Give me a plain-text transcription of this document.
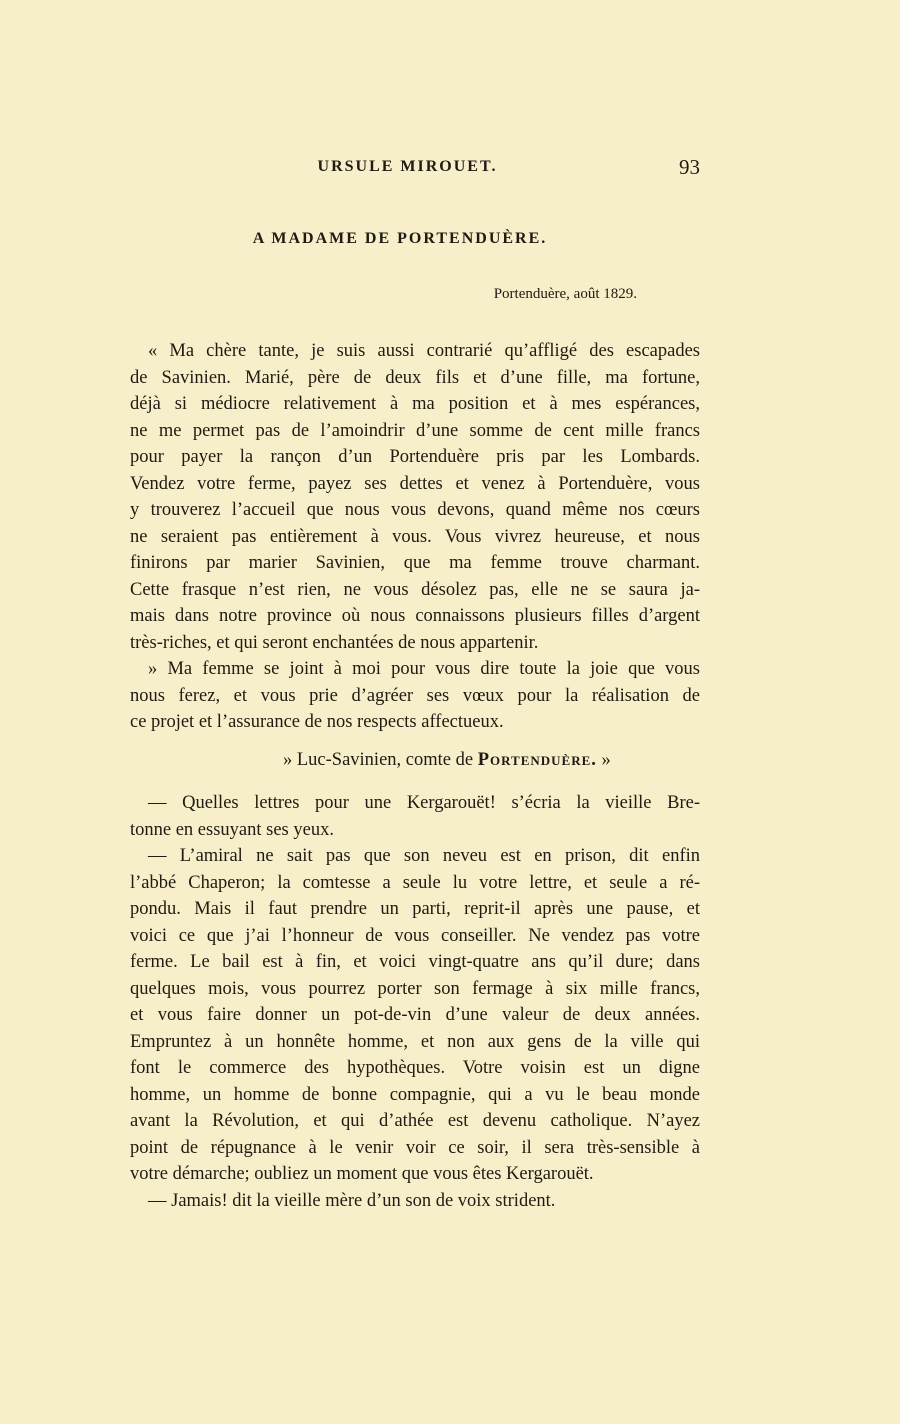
URSULE MIROUET.	93
A MADAME DE PORTENDUÈRE.
Portenduère, août 1829.
« Ma chère tante, je suis aussi contrarié qu’affligé des escapades
de Savinien. Marié, père de deux fils et d’une fille, ma fortune,
déjà si médiocre relativement à ma position et à mes espérances,
ne me permet pas de l’amoindrir d’une somme de cent mille francs
pour payer la rançon d’un Portenduère pris par les Lombards.
Vendez votre ferme, payez ses dettes et venez à Portenduère, vous
y trouverez l’accueil que nous vous devons, quand même nos cœurs
ne seraient pas entièrement à vous. Vous vivrez heureuse, et nous
finirons par marier Savinien, que ma femme trouve charmant.
Cette frasque n’est rien, ne vous désolez pas, elle ne se saura ja-
mais dans notre province où nous connaissons plusieurs filles d’argent
très-riches, et qui seront enchantées de nous appartenir.
» Ma femme se joint à moi pour vous dire toute la joie que vous
nous ferez, et vous prie d’agréer ses vœux pour la réalisation de
ce projet et l’assurance de nos respects affectueux.
» Luc-Savinien, comte de Portenduère. »
— Quelles lettres pour une Kergarouët! s’écria la vieille Bre-
tonne en essuyant ses yeux.
— L’amiral ne sait pas que son neveu est en prison, dit enfin
l’abbé Chaperon; la comtesse a seule lu votre lettre, et seule a ré-
pondu. Mais il faut prendre un parti, reprit-il après une pause, et
voici ce que j’ai l’honneur de vous conseiller. Ne vendez pas votre
ferme. Le bail est à fin, et voici vingt-quatre ans qu’il dure; dans
quelques mois, vous pourrez porter son fermage à six mille francs,
et vous faire donner un pot-de-vin d’une valeur de deux années.
Empruntez à un honnête homme, et non aux gens de la ville qui
font le commerce des hypothèques. Votre voisin est un digne
homme, un homme de bonne compagnie, qui a vu le beau monde
avant la Révolution, et qui d’athée est devenu catholique. N’ayez
point de répugnance à le venir voir ce soir, il sera très-sensible à
votre démarche; oubliez un moment que vous êtes Kergarouët.
— Jamais! dit la vieille mère d’un son de voix strident.
